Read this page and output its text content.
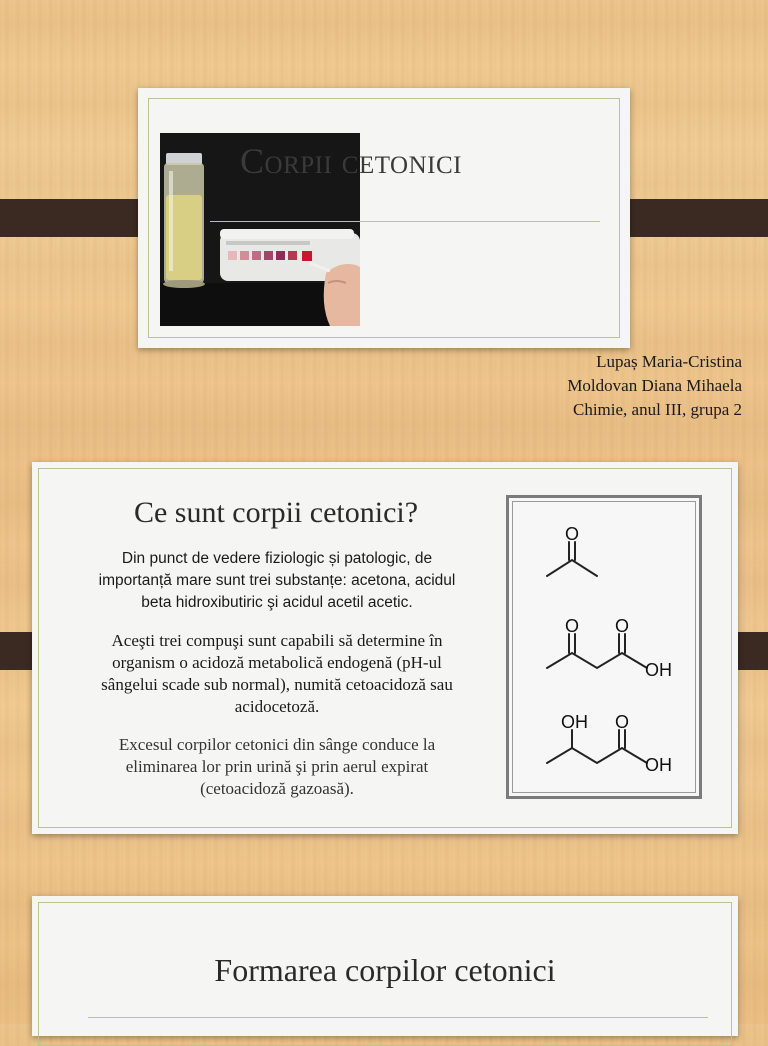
Corpii cetonici
Lupaș Maria-Cristina
Moldovan Diana Mihaela
Chimie, anul III, grupa 2
Ce sunt corpii cetonici?
Din punct de vedere fiziologic și patologic, de importanță mare sunt trei substanțe: acetona, acidul beta hidroxibutiric şi acidul acetil acetic.
Aceşti trei compuşi sunt capabili să determine în organism o acidoză metabolică endogenă (pH-ul sângelui scade sub normal), numită cetoacidoză sau acidocetoză.
Excesul corpilor cetonici din sânge conduce la eliminarea lor prin urină şi prin aerul expirat (cetoacidoză gazoasă).
O
O O
OH
OH O
OH
Formarea corpilor cetonici
